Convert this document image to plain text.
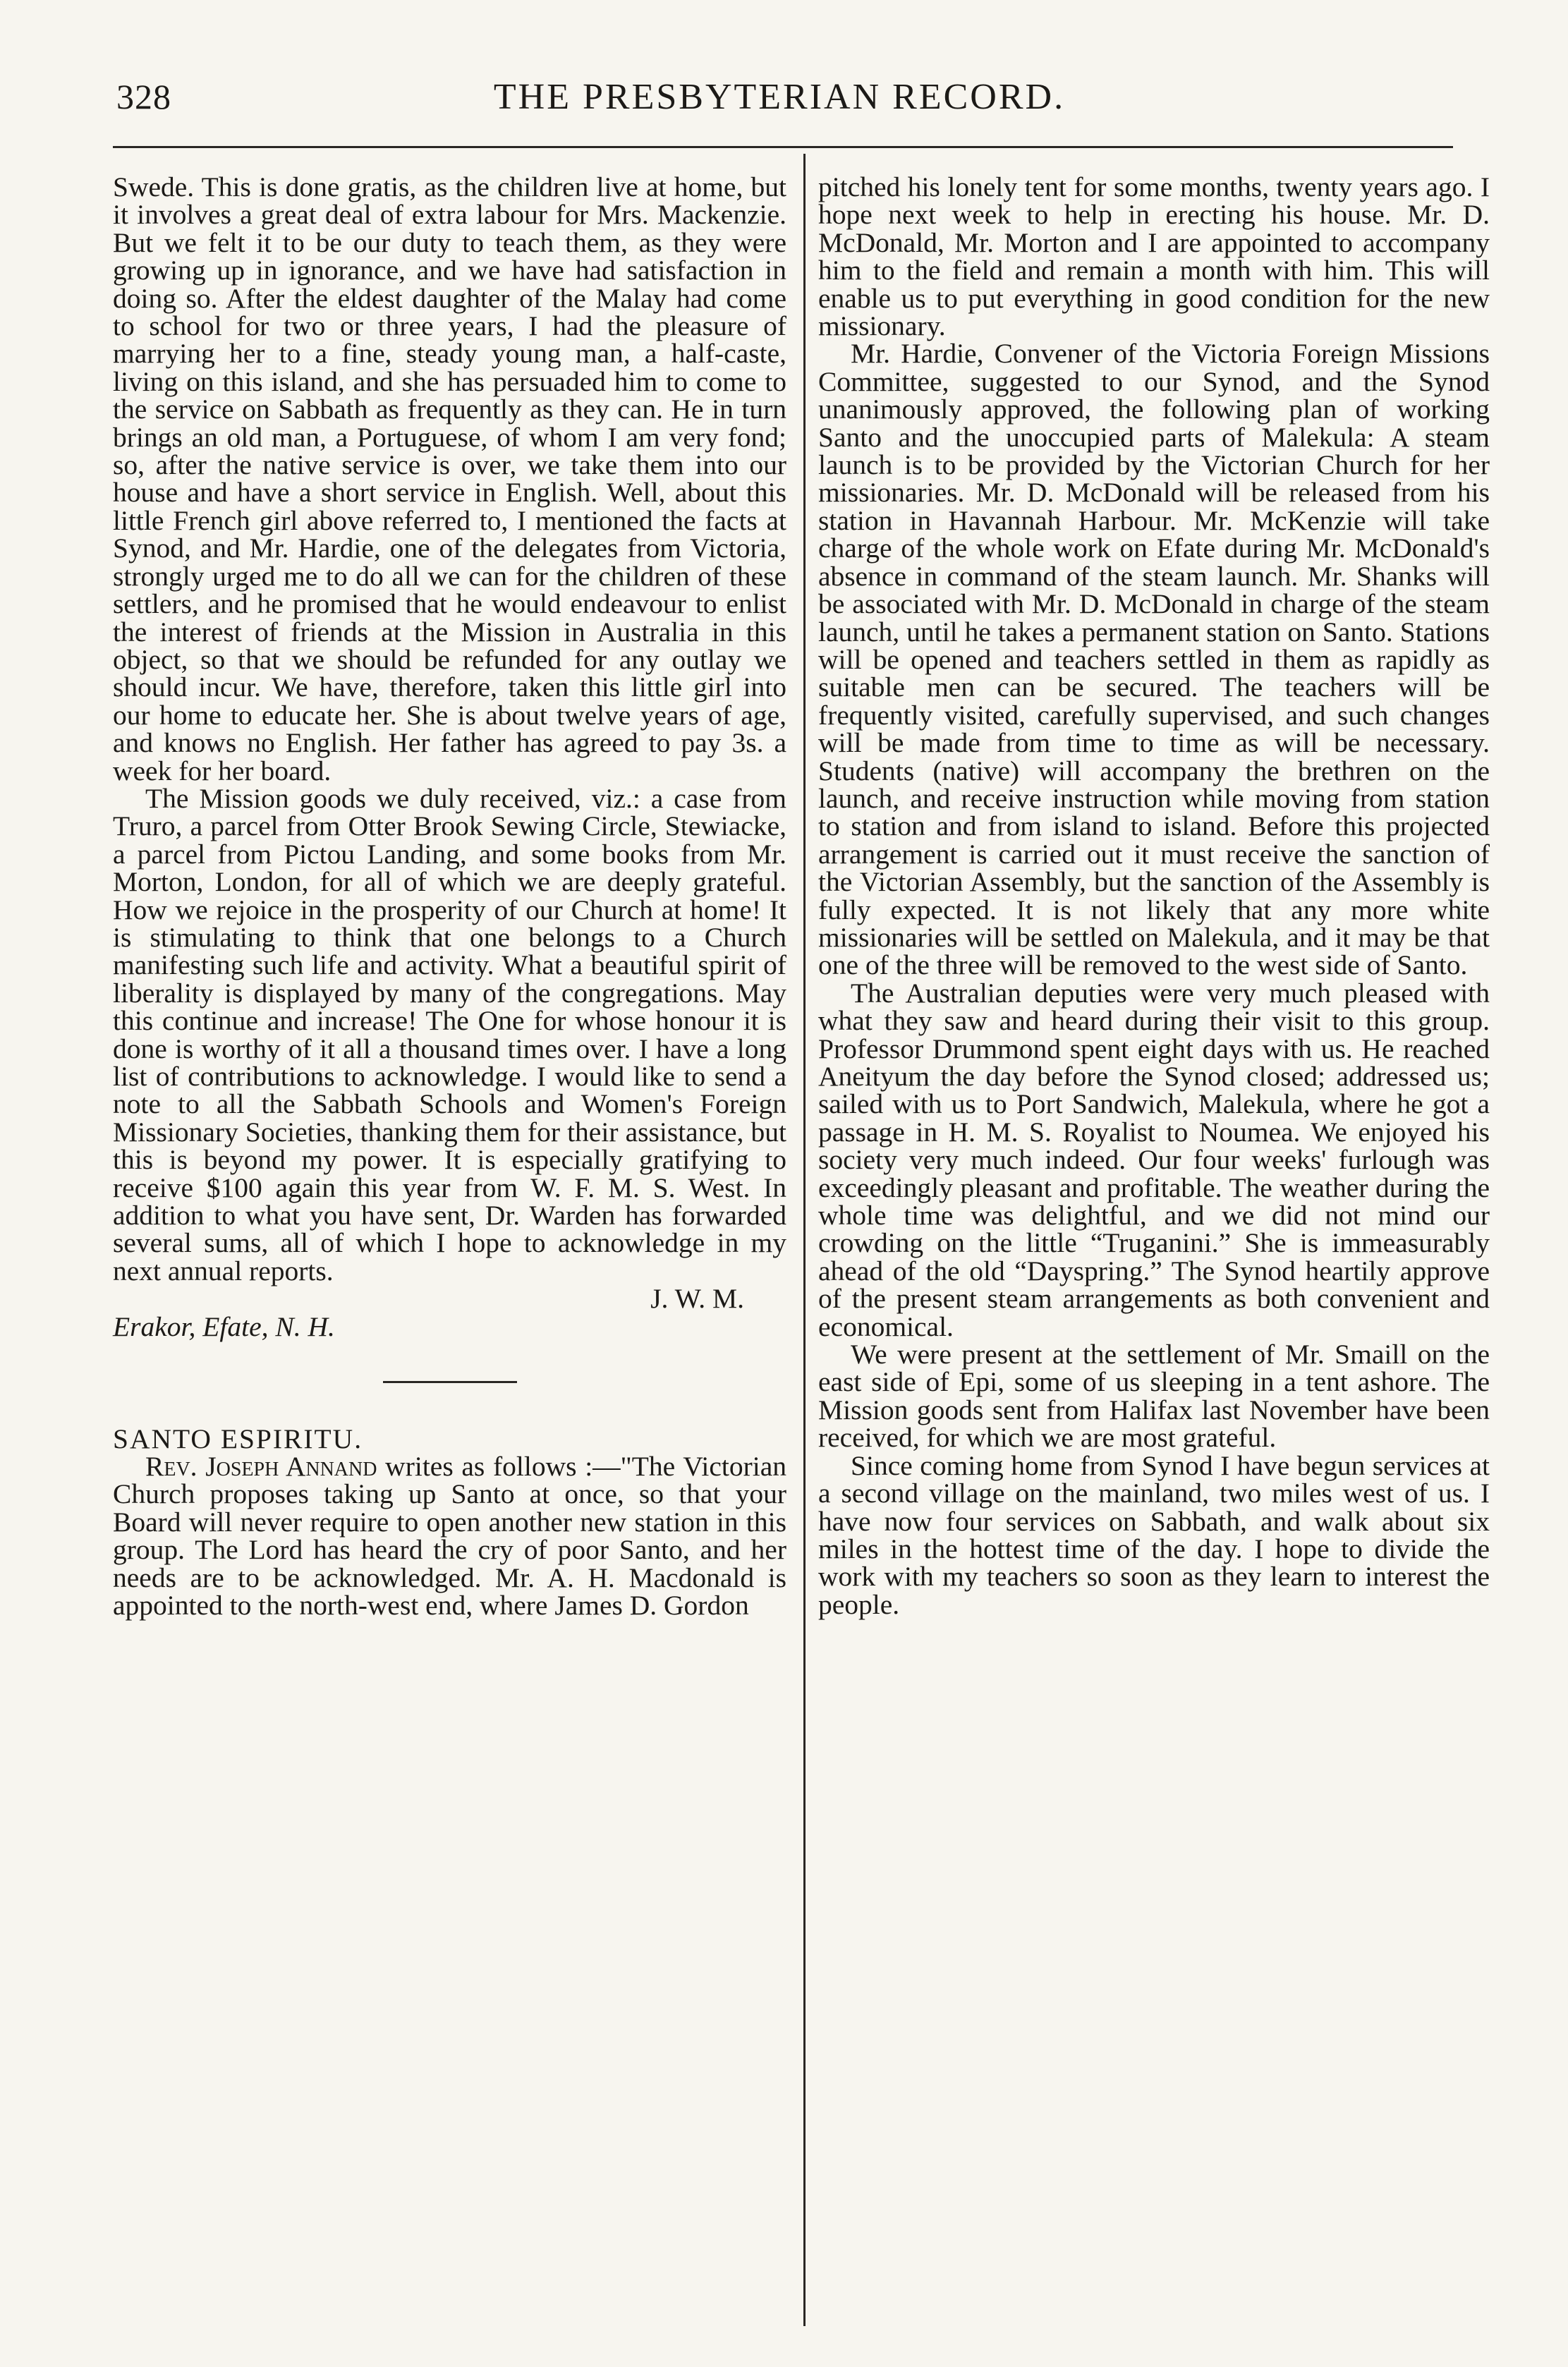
328	THE PRESBYTERIAN RECORD.

Swede. This is done gratis, as the children live at home, but it involves a great deal of extra labour for Mrs. Mackenzie. But we felt it to be our duty to teach them, as they were growing up in ignorance, and we have had satisfaction in doing so. After the eldest daughter of the Malay had come to school for two or three years, I had the pleasure of marrying her to a fine, steady young man, a half-caste, living on this island, and she has persuaded him to come to the service on Sabbath as frequently as they can. He in turn brings an old man, a Portuguese, of whom I am very fond; so, after the native service is over, we take them into our house and have a short service in English. Well, about this little French girl above referred to, I mentioned the facts at Synod, and Mr. Hardie, one of the delegates from Victoria, strongly urged me to do all we can for the children of these settlers, and he promised that he would endeavour to enlist the interest of friends at the Mission in Australia in this object, so that we should be refunded for any outlay we should incur. We have, therefore, taken this little girl into our home to educate her. She is about twelve years of age, and knows no English. Her father has agreed to pay 3s. a week for her board.

The Mission goods we duly received, viz.: a case from Truro, a parcel from Otter Brook Sewing Circle, Stewiacke, a parcel from Pictou Landing, and some books from Mr. Morton, London, for all of which we are deeply grateful. How we rejoice in the prosperity of our Church at home! It is stimulating to think that one belongs to a Church manifesting such life and activity. What a beautiful spirit of liberality is displayed by many of the congregations. May this continue and increase! The One for whose honour it is done is worthy of it all a thousand times over. I have a long list of contributions to acknowledge. I would like to send a note to all the Sabbath Schools and Women's Foreign Missionary Societies, thanking them for their assistance, but this is beyond my power. It is especially gratifying to receive $100 again this year from W. F. M. S. West. In addition to what you have sent, Dr. Warden has forwarded several sums, all of which I hope to acknowledge in my next annual reports.

J. W. M.

Erakor, Efate, N. H.

SANTO ESPIRITU.

Rev. Joseph Annand writes as follows :—"The Victorian Church proposes taking up Santo at once, so that your Board will never require to open another new station in this group. The Lord has heard the cry of poor Santo, and her needs are to be acknowledged. Mr. A. H. Macdonald is appointed to the north-west end, where James D. Gordon

pitched his lonely tent for some months, twenty years ago. I hope next week to help in erecting his house. Mr. D. McDonald, Mr. Morton and I are appointed to accompany him to the field and remain a month with him. This will enable us to put everything in good condition for the new missionary.

Mr. Hardie, Convener of the Victoria Foreign Missions Committee, suggested to our Synod, and the Synod unanimously approved, the following plan of working Santo and the unoccupied parts of Malekula: A steam launch is to be provided by the Victorian Church for her missionaries. Mr. D. McDonald will be released from his station in Havannah Harbour. Mr. McKenzie will take charge of the whole work on Efate during Mr. McDonald's absence in command of the steam launch. Mr. Shanks will be associated with Mr. D. McDonald in charge of the steam launch, until he takes a permanent station on Santo. Stations will be opened and teachers settled in them as rapidly as suitable men can be secured. The teachers will be frequently visited, carefully supervised, and such changes will be made from time to time as will be necessary. Students (native) will accompany the brethren on the launch, and receive instruction while moving from station to station and from island to island. Before this projected arrangement is carried out it must receive the sanction of the Victorian Assembly, but the sanction of the Assembly is fully expected. It is not likely that any more white missionaries will be settled on Malekula, and it may be that one of the three will be removed to the west side of Santo.

The Australian deputies were very much pleased with what they saw and heard during their visit to this group. Professor Drummond spent eight days with us. He reached Aneityum the day before the Synod closed; addressed us; sailed with us to Port Sandwich, Malekula, where he got a passage in H. M. S. Royalist to Noumea. We enjoyed his society very much indeed. Our four weeks' furlough was exceedingly pleasant and profitable. The weather during the whole time was delightful, and we did not mind our crowding on the little “Truganini.” She is immeasurably ahead of the old “Dayspring.” The Synod heartily approve of the present steam arrangements as both convenient and economical.

We were present at the settlement of Mr. Smaill on the east side of Epi, some of us sleeping in a tent ashore. The Mission goods sent from Halifax last November have been received, for which we are most grateful.

Since coming home from Synod I have begun services at a second village on the mainland, two miles west of us. I have now four services on Sabbath, and walk about six miles in the hottest time of the day. I hope to divide the work with my teachers so soon as they learn to interest the people.
